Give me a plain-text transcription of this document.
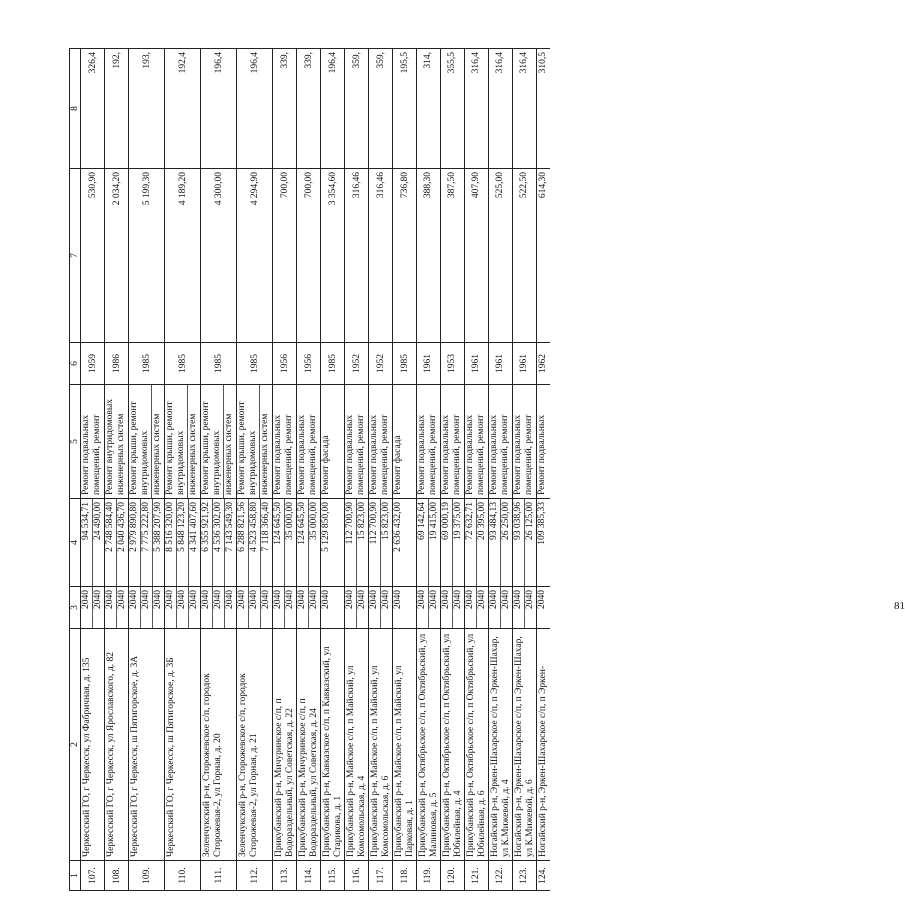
81
1	2	3	4	5	6	7	8
107.	Черкесский ГО, г Черкесск, ул Фабричная, д. 135	2040 2040	94 534,71 24 490,00	Ремонт подвальных помещений, ремонт	1959	530,90	326,4
108.	Черкесский ГО, г Черкесск, ул Ярославского, д. 82	2040 2040	2 748 584,40 2 040 436,70	Ремонт внутридомовых инженерных систем	1986	2 034,20	192,
109.	Черкесский ГО, г Черкесск, ш Пятигорское, д. 3А	2040 2040 2040	2 979 890,80 7 775 222,80 5 388 207,90	Ремонт крыши, ремонт внутридомовых инженерных систем	1985	5 199,30	193,
110.	Черкесский ГО, г Черкесск, ш Пятигорское, д. 3Б	2040 2040 2040	8 516 320,00 5 848 123,20 4 341 407,60	Ремонт крыши, ремонт внутридомовых инженерных систем	1985	4 189,20	192,4
111.	Зеленчукский р-н, Сторожевское с/п, городок Сторожевая-2, ул Горная, д. 20	2040 2040 2040	6 355 921,92 4 536 302,00 7 143 549,30	Ремонт крыши, ремонт внутридомовых инженерных систем	1985	4 300,00	196,4
112.	Зеленчукский р-н, Сторожевское с/п, городок Сторожевая-2, ул Горная, д. 21	2040 2040 2040	6 288 821,56 4 523 458,80 7 118 366,40	Ремонт крыши, ремонт внутридомовых инженерных систем	1985	4 294,90	196,4
113.	Прикубанский р-н, Мичуринское с/п, п Водораздельный, ул Советская, д. 22	2040 2040	124 645,50 35 000,00	Ремонт подвальных помещений, ремонт	1956	700,00	339,
114.	Прикубанский р-н, Мичуринское с/п, п Водораздельный, ул Советская, д. 24	2040 2040	124 645,50 35 000,00	Ремонт подвальных помещений, ремонт	1956	700,00	339,
115.	Прикубанский р-н, Кавказское с/п, п Кавказский, ул Старикова, д. 1	2040	5 129 850,00	Ремонт фасада	1985	3 354,60	196,4
116.	Прикубанский р-н, Майское с/п, п Майский, ул Комсомольская, д. 4	2040 2040	112 700,90 15 823,00	Ремонт подвальных помещений, ремонт	1952	316,46	359,
117.	Прикубанский р-н, Майское с/п, п Майский, ул Комсомольская, д. 6	2040 2040	112 700,90 15 823,00	Ремонт подвальных помещений, ремонт	1952	316,46	359,
118.	Прикубанский р-н, Майское с/п, п Майский, ул Парковая, д. 1	2040	2 636 432,00	Ремонт фасада	1985	736,80	195,5
119.	Прикубанский р-н, Октябрьское с/п, п Октябрьский, ул Малиновая, д. 5	2040 2040	69 142,64 19 415,00	Ремонт подвальных помещений, ремонт	1961	388,30	314,
120.	Прикубанский р-н, Октябрьское с/п, п Октябрьский, ул Юбилейная, д. 4	2040 2040	69 000,19 19 375,00	Ремонт подвальных помещений, ремонт	1953	387,50	355,5
121.	Прикубанский р-н, Октябрьское с/п, п Октябрьский, ул Юбилейная, д. 6	2040 2040	72 632,71 20 395,00	Ремонт подвальных помещений, ремонт	1961	407,90	316,4
122.	Ногайский р-н, Эркен-Шахарское с/п, п Эркен-Шахар, ул К.Мижевой, д. 4	2040 2040	93 484,13 26 250,00	Ремонт подвальных помещений, ремонт	1961	525,00	316,4
123.	Ногайский р-н, Эркен-Шахарское с/п, п Эркен-Шахар, ул К.Мижевой, д. 6	2040 2040	93 038,96 26 125,00	Ремонт подвальных помещений, ремонт	1961	522,50	316,4
124.	Ногайский р-н, Эркен-Шахарское с/п, п Эркен-	2040	109 385,33	Ремонт подвальных	1962	614,30	310,5
